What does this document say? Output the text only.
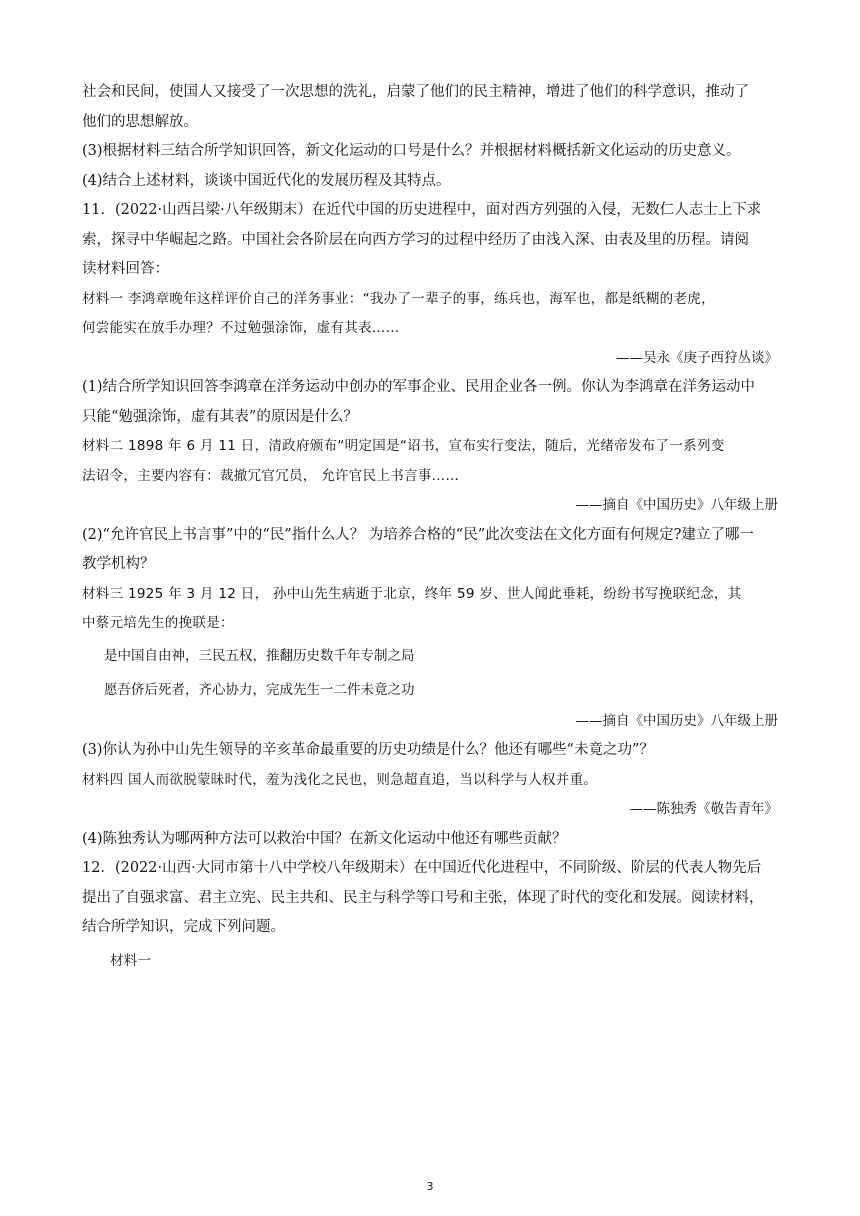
社会和民间，使国人又接受了一次思想的洗礼，启蒙了他们的民主精神，增进了他们的科学意识，推动了

他们的思想解放。

(3)根据材料三结合所学知识回答，新文化运动的口号是什么？并根据材料概括新文化运动的历史意义。

(4)结合上述材料，谈谈中国近代化的发展历程及其特点。

11．(2022·山西吕梁·八年级期末）在近代中国的历史进程中，面对西方列强的入侵，无数仁人志士上下求

索，探寻中华崛起之路。中国社会各阶层在向西方学习的过程中经历了由浅入深、由表及里的历程。请阅

读材料回答：

材料一 李鸿章晚年这样评价自己的洋务事业：“我办了一辈子的事，练兵也，海军也，都是纸糊的老虎，

何尝能实在放手办理？不过勉强涂饰，虚有其表……

——吴永《庚子西狩丛谈》

(1)结合所学知识回答李鸿章在洋务运动中创办的军事企业、民用企业各一例。你认为李鸿章在洋务运动中

只能“勉强涂饰，虚有其表”的原因是什么？

材料二 1898 年 6 月 11 日，清政府颁布“明定国是“诏书，宣布实行变法，随后，光绪帝发布了一系列变

法诏令，主要内容有：裁撤冗官冗员， 允许官民上书言事……

——摘自《中国历史》八年级上册

(2)“允许官民上书言事”中的“民”指什么人？ 为培养合格的“民”此次变法在文化方面有何规定?建立了哪一

教学机构？

材料三 1925 年 3 月 12 日， 孙中山先生病逝于北京，终年 59 岁、世人闻此垂耗，纷纷书写挽联纪念，其

中蔡元培先生的挽联是：

是中国自由神，三民五权，推翻历史数千年专制之局

愿吾侪后死者，齐心协力，完成先生一二件未竟之功

——摘自《中国历史》八年级上册

(3)你认为孙中山先生领导的辛亥革命最重要的历史功绩是什么？他还有哪些“未竟之功”？

材料四 国人而欲脱蒙昧时代，羞为浅化之民也，则急超直追，当以科学与人权并重。

——陈独秀《敬告青年》

(4)陈独秀认为哪两种方法可以救治中国？在新文化运动中他还有哪些贡献？

12．(2022·山西·大同市第十八中学校八年级期末）在中国近代化进程中，不同阶级、阶层的代表人物先后

提出了自强求富、君主立宪、民主共和、民主与科学等口号和主张，体现了时代的变化和发展。阅读材料，

结合所学知识，完成下列问题。

材料一

3
